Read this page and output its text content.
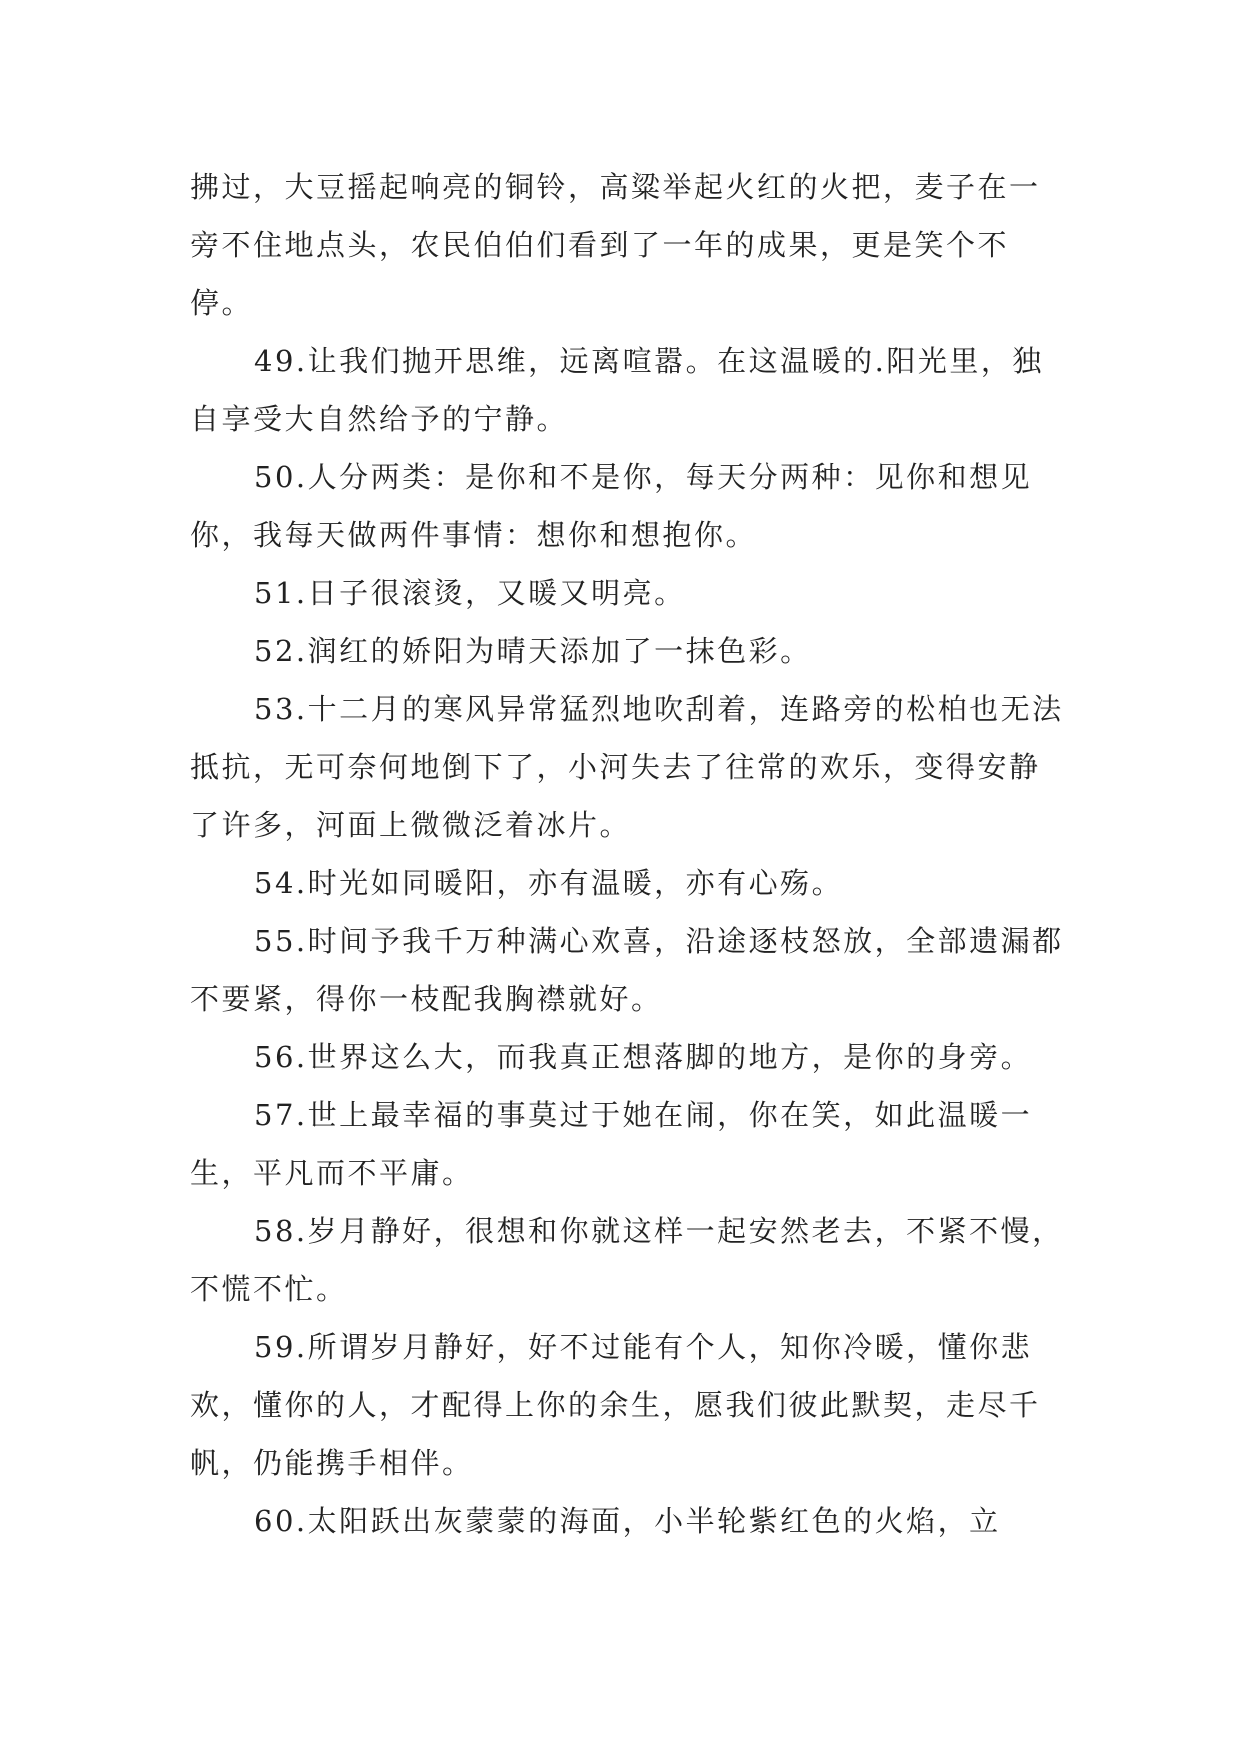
拂过，大豆摇起响亮的铜铃，高粱举起火红的火把，麦子在一旁不住地点头，农民伯伯们看到了一年的成果，更是笑个不停。

49.让我们抛开思维，远离喧嚣。在这温暖的.阳光里，独自享受大自然给予的宁静。

50.人分两类：是你和不是你，每天分两种：见你和想见你，我每天做两件事情：想你和想抱你。

51.日子很滚烫，又暖又明亮。

52.润红的娇阳为晴天添加了一抹色彩。

53.十二月的寒风异常猛烈地吹刮着，连路旁的松柏也无法抵抗，无可奈何地倒下了，小河失去了往常的欢乐，变得安静了许多，河面上微微泛着冰片。

54.时光如同暖阳，亦有温暖，亦有心殇。

55.时间予我千万种满心欢喜，沿途逐枝怒放，全部遗漏都不要紧，得你一枝配我胸襟就好。

56.世界这么大，而我真正想落脚的地方，是你的身旁。

57.世上最幸福的事莫过于她在闹，你在笑，如此温暖一生，平凡而不平庸。

58.岁月静好，很想和你就这样一起安然老去，不紧不慢，不慌不忙。

59.所谓岁月静好，好不过能有个人，知你冷暖，懂你悲欢，懂你的人，才配得上你的余生，愿我们彼此默契，走尽千帆，仍能携手相伴。

60.太阳跃出灰蒙蒙的海面，小半轮紫红色的火焰，立
